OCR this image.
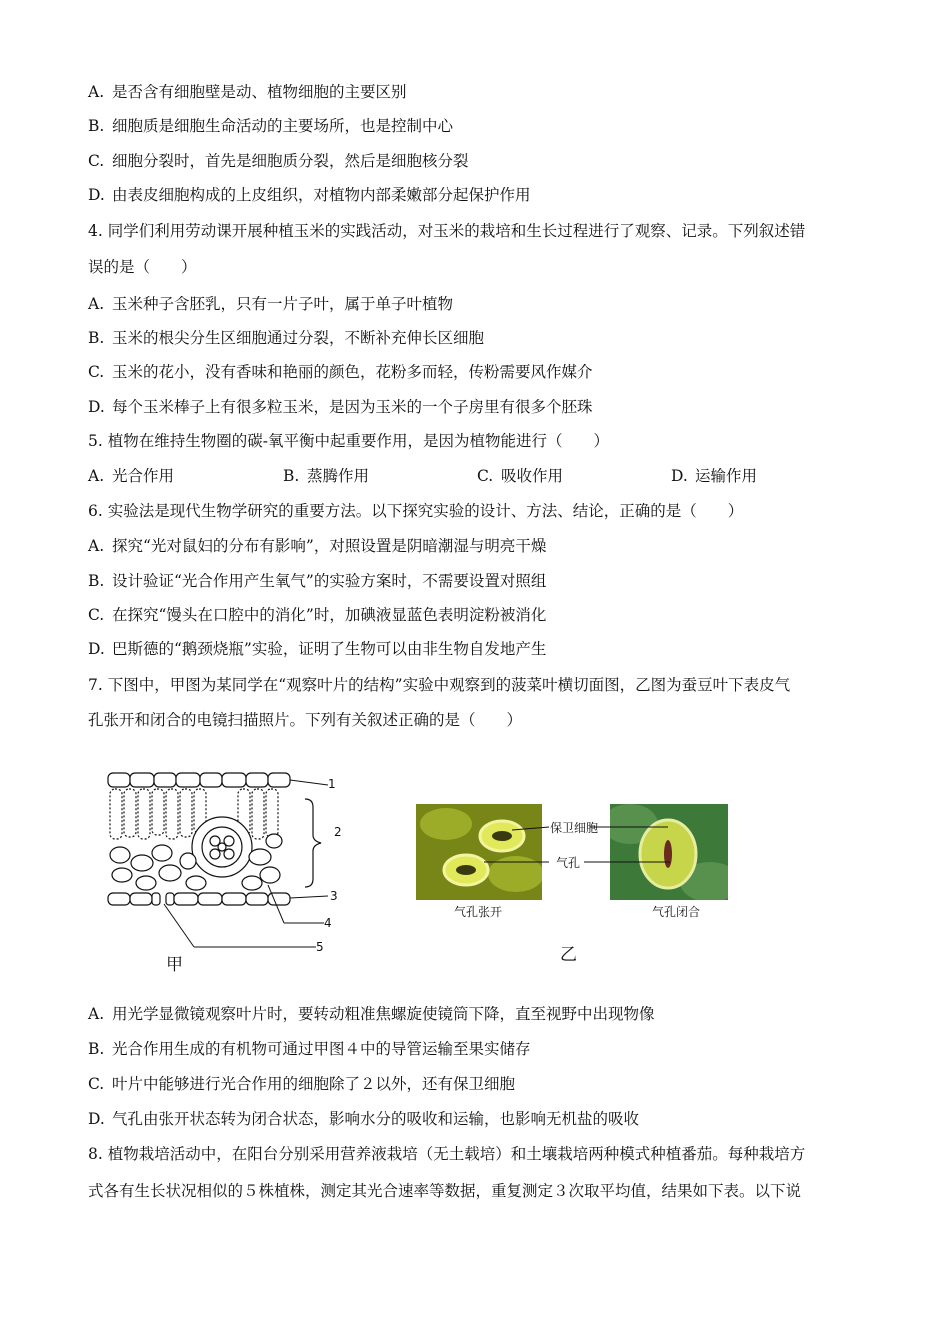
A. 是否含有细胞壁是动、植物细胞的主要区别
B. 细胞质是细胞生命活动的主要场所，也是控制中心
C. 细胞分裂时，首先是细胞质分裂，然后是细胞核分裂
D. 由表皮细胞构成的上皮组织，对植物内部柔嫩部分起保护作用
4. 同学们利用劳动课开展种植玉米的实践活动，对玉米的栽培和生长过程进行了观察、记录。下列叙述错
误的是（　　）
A. 玉米种子含胚乳，只有一片子叶，属于单子叶植物
B. 玉米的根尖分生区细胞通过分裂，不断补充伸长区细胞
C. 玉米的花小，没有香味和艳丽的颜色，花粉多而轻，传粉需要风作媒介
D. 每个玉米棒子上有很多粒玉米，是因为玉米的一个子房里有很多个胚珠
5. 植物在维持生物圈的碳-氧平衡中起重要作用，是因为植物能进行（　　）
A. 光合作用	B. 蒸腾作用	C. 吸收作用	D. 运输作用
6. 实验法是现代生物学研究的重要方法。以下探究实验的设计、方法、结论，正确的是（　　）
A. 探究“光对鼠妇的分布有影响”，对照设置是阴暗潮湿与明亮干燥
B. 设计验证“光合作用产生氧气”的实验方案时，不需要设置对照组
C. 在探究“馒头在口腔中的消化”时，加碘液显蓝色表明淀粉被消化
D. 巴斯德的“鹅颈烧瓶”实验，证明了生物可以由非生物自发地产生
7. 下图中，甲图为某同学在“观察叶片的结构”实验中观察到的菠菜叶横切面图，乙图为蚕豆叶下表皮气
孔张开和闭合的电镜扫描照片。下列有关叙述正确的是（　　）
1
2
3
4
5
甲
保卫细胞
气孔
气孔张开	气孔闭合
乙
A. 用光学显微镜观察叶片时，要转动粗准焦螺旋使镜筒下降，直至视野中出现物像
B. 光合作用生成的有机物可通过甲图４中的导管运输至果实储存
C. 叶片中能够进行光合作用的细胞除了２以外，还有保卫细胞
D. 气孔由张开状态转为闭合状态，影响水分的吸收和运输，也影响无机盐的吸收
8. 植物栽培活动中，在阳台分别采用营养液栽培（无土载培）和土壤栽培两种模式种植番茄。每种栽培方
式各有生长状况相似的５株植株，测定其光合速率等数据，重复测定３次取平均值，结果如下表。以下说
